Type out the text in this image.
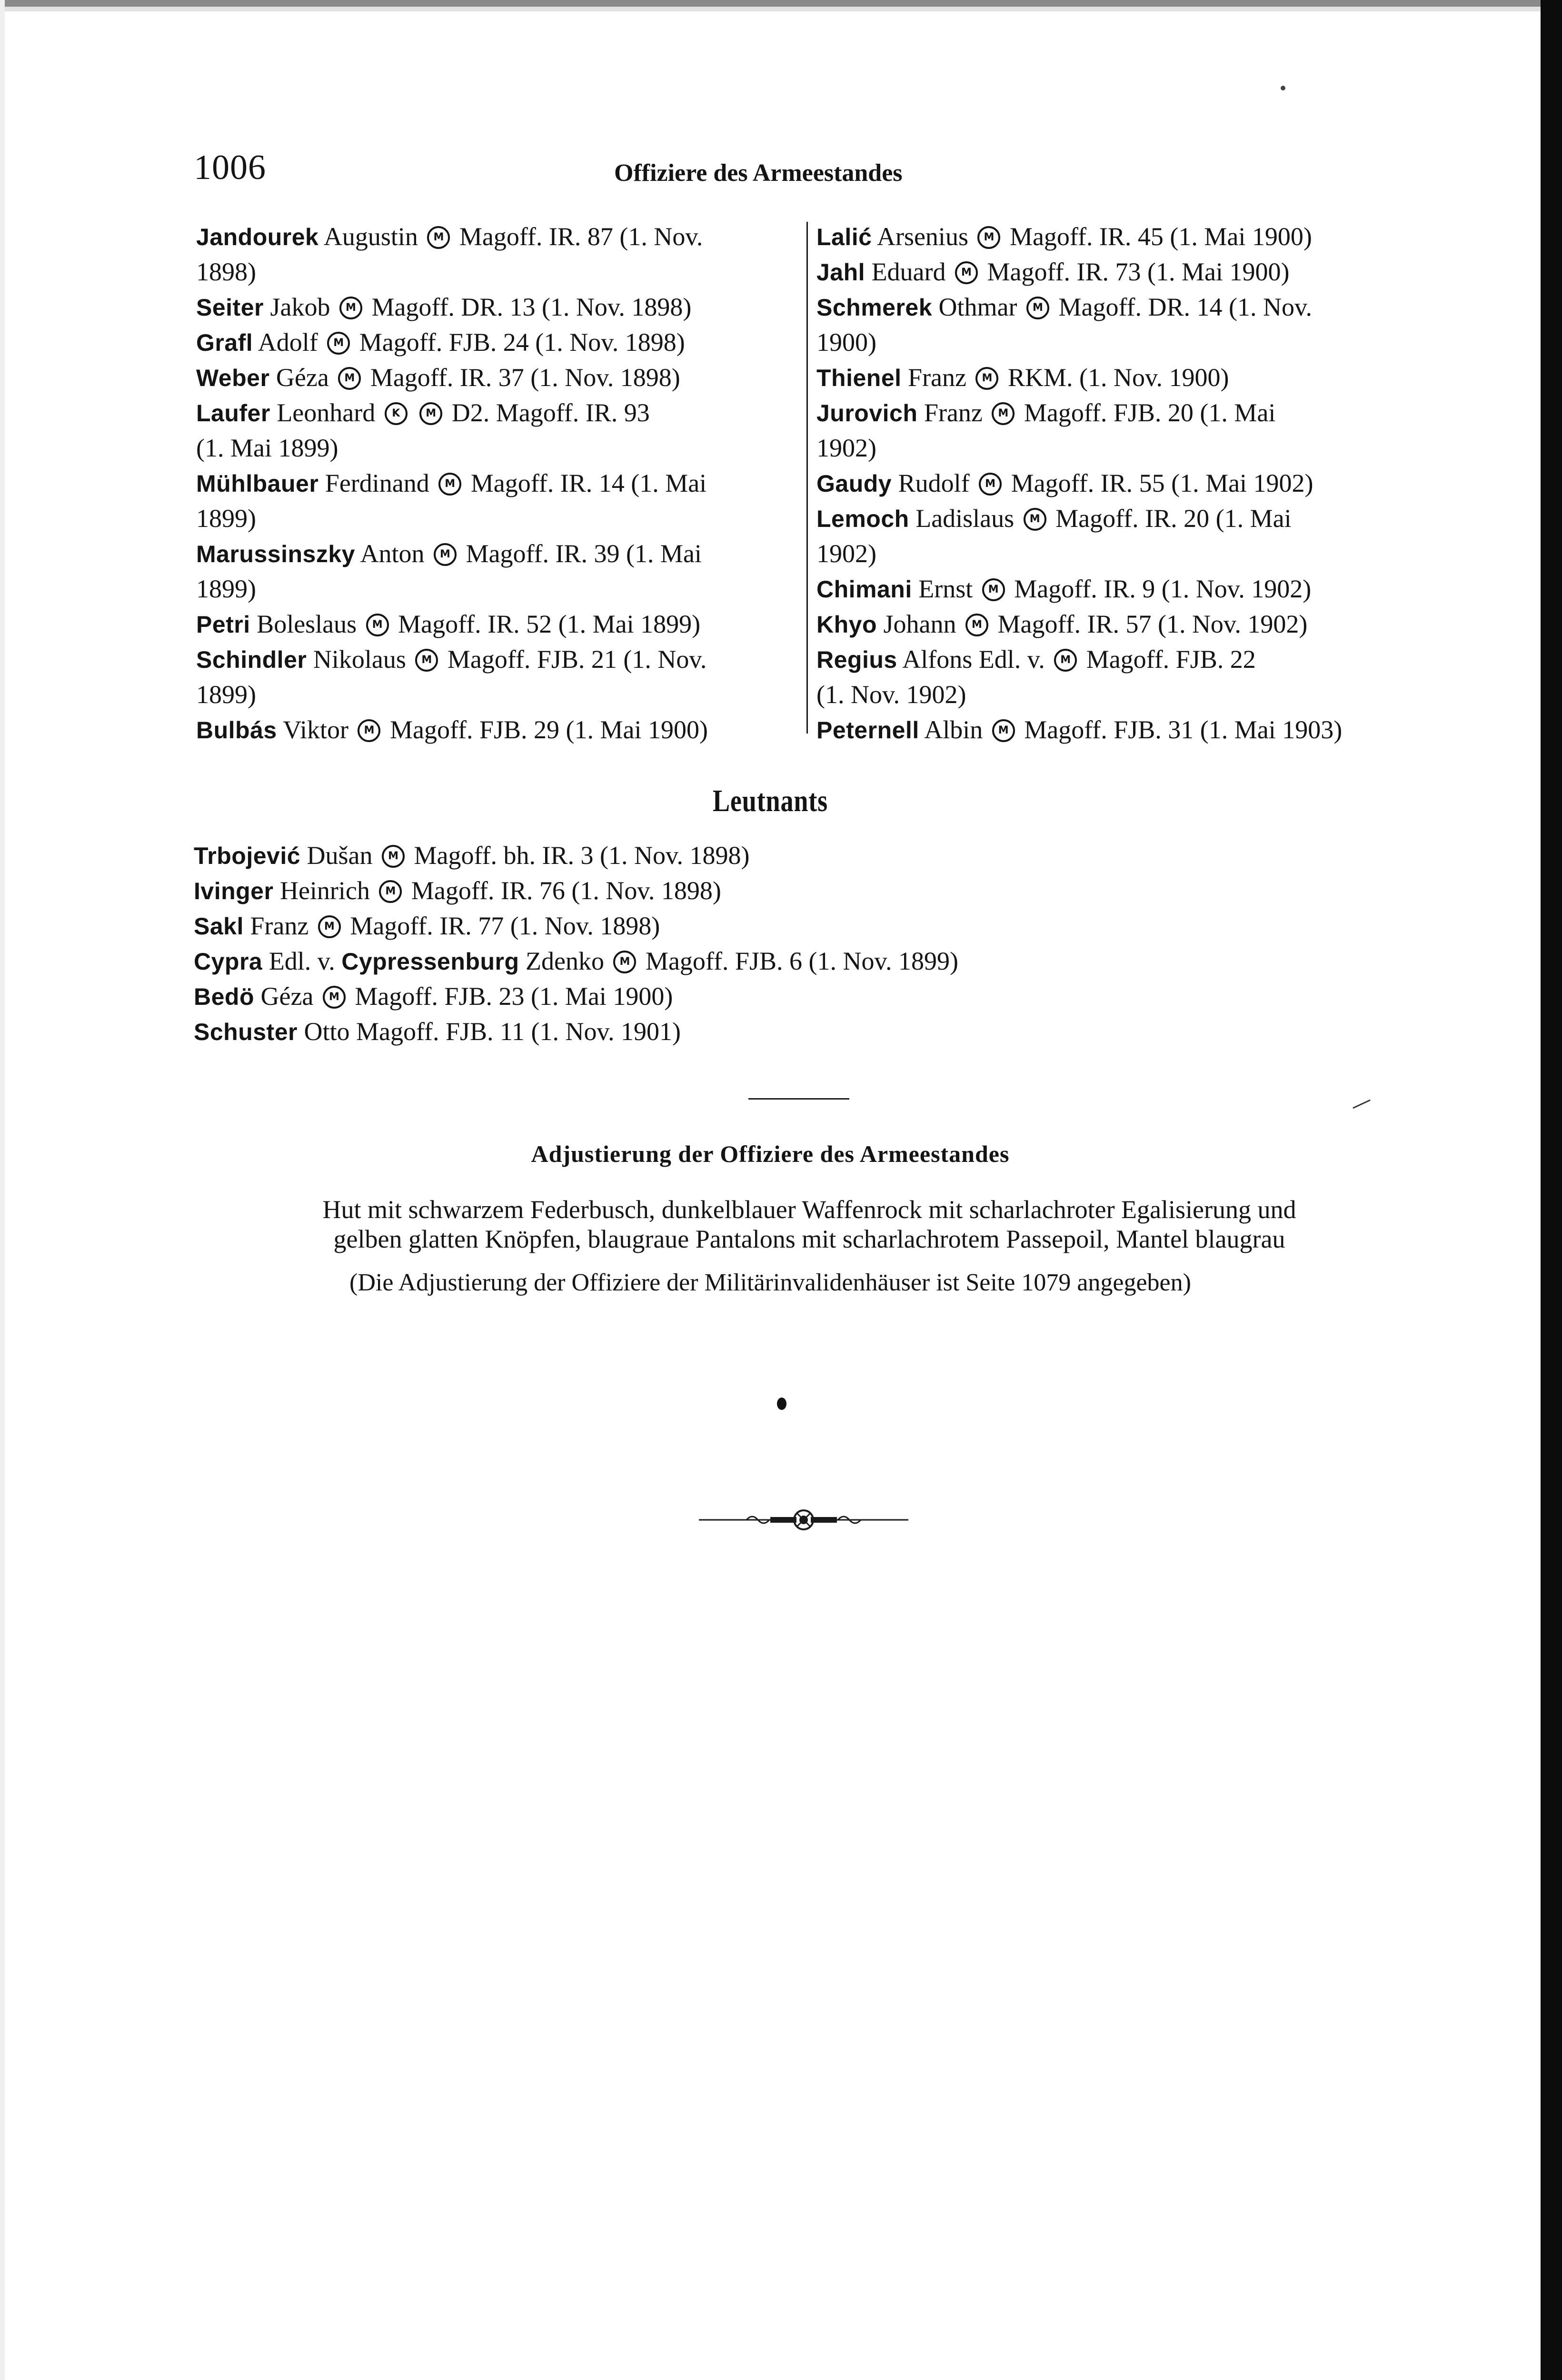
1006	Offiziere des Armeestandes
Jandourek Augustin M Magoff. IR. 87 (1. Nov.
1898)
Seiter Jakob M Magoff. DR. 13 (1. Nov. 1898)
Grafl Adolf M Magoff. FJB. 24 (1. Nov. 1898)
Weber Géza M Magoff. IR. 37 (1. Nov. 1898)
Laufer Leonhard K M D2. Magoff. IR. 93
(1. Mai 1899)
Mühlbauer Ferdinand M Magoff. IR. 14 (1. Mai
1899)
Marussinszky Anton M Magoff. IR. 39 (1. Mai
1899)
Petri Boleslaus M Magoff. IR. 52 (1. Mai 1899)
Schindler Nikolaus M Magoff. FJB. 21 (1. Nov.
1899)
Bulbás Viktor M Magoff. FJB. 29 (1. Mai 1900)
Lalić Arsenius M Magoff. IR. 45 (1. Mai 1900)
Jahl Eduard M Magoff. IR. 73 (1. Mai 1900)
Schmerek Othmar M Magoff. DR. 14 (1. Nov.
1900)
Thienel Franz M RKM. (1. Nov. 1900)
Jurovich Franz M Magoff. FJB. 20 (1. Mai
1902)
Gaudy Rudolf M Magoff. IR. 55 (1. Mai 1902)
Lemoch Ladislaus M Magoff. IR. 20 (1. Mai
1902)
Chimani Ernst M Magoff. IR. 9 (1. Nov. 1902)
Khyo Johann M Magoff. IR. 57 (1. Nov. 1902)
Regius Alfons Edl. v. M Magoff. FJB. 22
(1. Nov. 1902)
Peternell Albin M Magoff. FJB. 31 (1. Mai 1903)
Leutnants
Trbojević Dušan M Magoff. bh. IR. 3 (1. Nov. 1898)
Ivinger Heinrich M Magoff. IR. 76 (1. Nov. 1898)
Sakl Franz M Magoff. IR. 77 (1. Nov. 1898)
Cypra Edl. v. Cypressenburg Zdenko M Magoff. FJB. 6 (1. Nov. 1899)
Bedö Géza M Magoff. FJB. 23 (1. Mai 1900)
Schuster Otto Magoff. FJB. 11 (1. Nov. 1901)
Adjustierung der Offiziere des Armeestandes
Hut mit schwarzem Federbusch, dunkelblauer Waffenrock mit scharlachroter Egalisierung und
gelben glatten Knöpfen, blaugraue Pantalons mit scharlachrotem Passepoil, Mantel blaugrau
(Die Adjustierung der Offiziere der Militärinvalidenhäuser ist Seite 1079 angegeben)
